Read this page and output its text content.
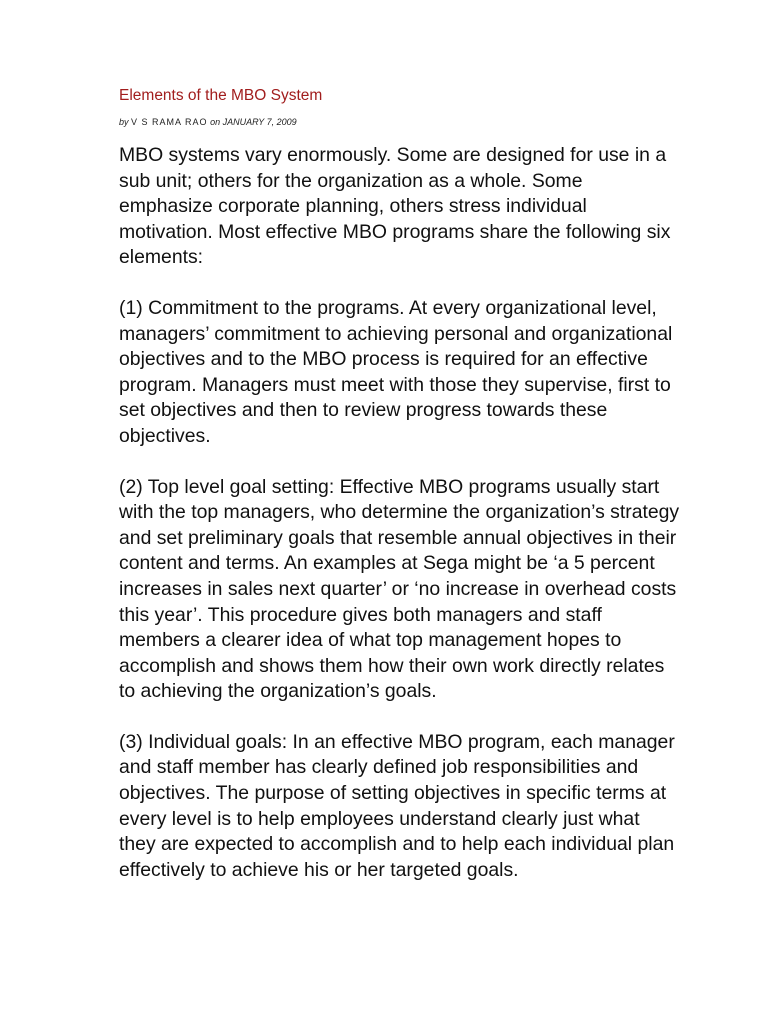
Elements of the MBO System
by V S RAMA RAO on JANUARY 7, 2009

MBO systems vary enormously. Some are designed for use in a
sub unit; others for the organization as a whole. Some
emphasize corporate planning, others stress individual
motivation. Most effective MBO programs share the following six
elements:

(1) Commitment to the programs. At every organizational level,
managers’ commitment to achieving personal and organizational
objectives and to the MBO process is required for an effective
program. Managers must meet with those they supervise, first to
set objectives and then to review progress towards these
objectives.

(2) Top level goal setting: Effective MBO programs usually start
with the top managers, who determine the organization’s strategy
and set preliminary goals that resemble annual objectives in their
content and terms. An examples at Sega might be ‘a 5 percent
increases in sales next quarter’ or ‘no increase in overhead costs
this year’. This procedure gives both managers and staff
members a clearer idea of what top management hopes to
accomplish and shows them how their own work directly relates
to achieving the organization’s goals.

(3) Individual goals: In an effective MBO program, each manager
and staff member has clearly defined job responsibilities and
objectives. The purpose of setting objectives in specific terms at
every level is to help employees understand clearly just what
they are expected to accomplish and to help each individual plan
effectively to achieve his or her targeted goals.
